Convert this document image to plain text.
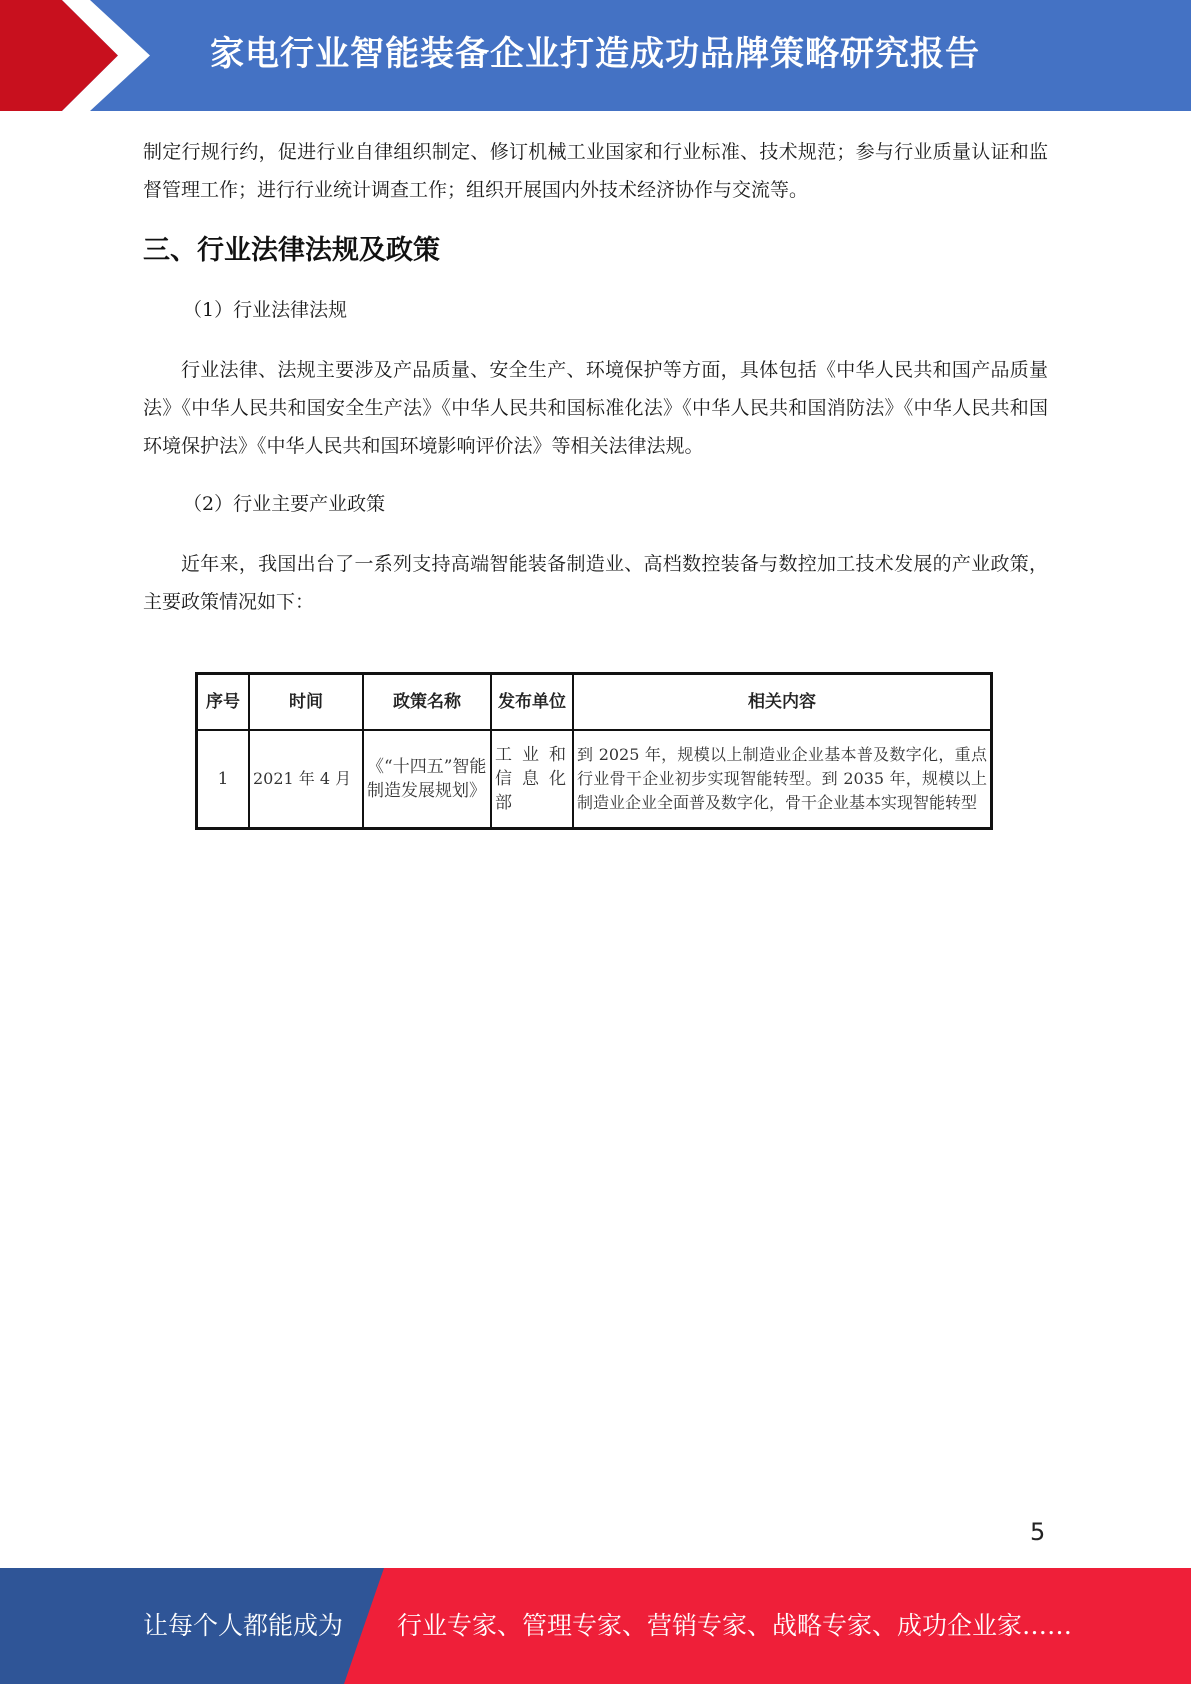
家电行业智能装备企业打造成功品牌策略研究报告

制定行规行约，促进行业自律组织制定、修订机械工业国家和行业标准、技术规范；参与行业质量认证和监督管理工作；进行行业统计调查工作；组织开展国内外技术经济协作与交流等。

三、行业法律法规及政策

（1）行业法律法规

行业法律、法规主要涉及产品质量、安全生产、环境保护等方面，具体包括《中华人民共和国产品质量法》《中华人民共和国安全生产法》《中华人民共和国标准化法》《中华人民共和国消防法》《中华人民共和国环境保护法》《中华人民共和国环境影响评价法》等相关法律法规。

（2）行业主要产业政策

近年来，我国出台了一系列支持高端智能装备制造业、高档数控装备与数控加工技术发展的产业政策，主要政策情况如下：

序号	时间	政策名称	发布单位	相关内容
1	2021 年 4 月	《“十四五”智能制造发展规划》	工业和信息化部	到 2025 年，规模以上制造业企业基本普及数字化，重点行业骨干企业初步实现智能转型。到 2035 年，规模以上制造业企业全面普及数字化，骨干企业基本实现智能转型
5
让每个人都能成为 行业专家、管理专家、营销专家、战略专家、成功企业家……
